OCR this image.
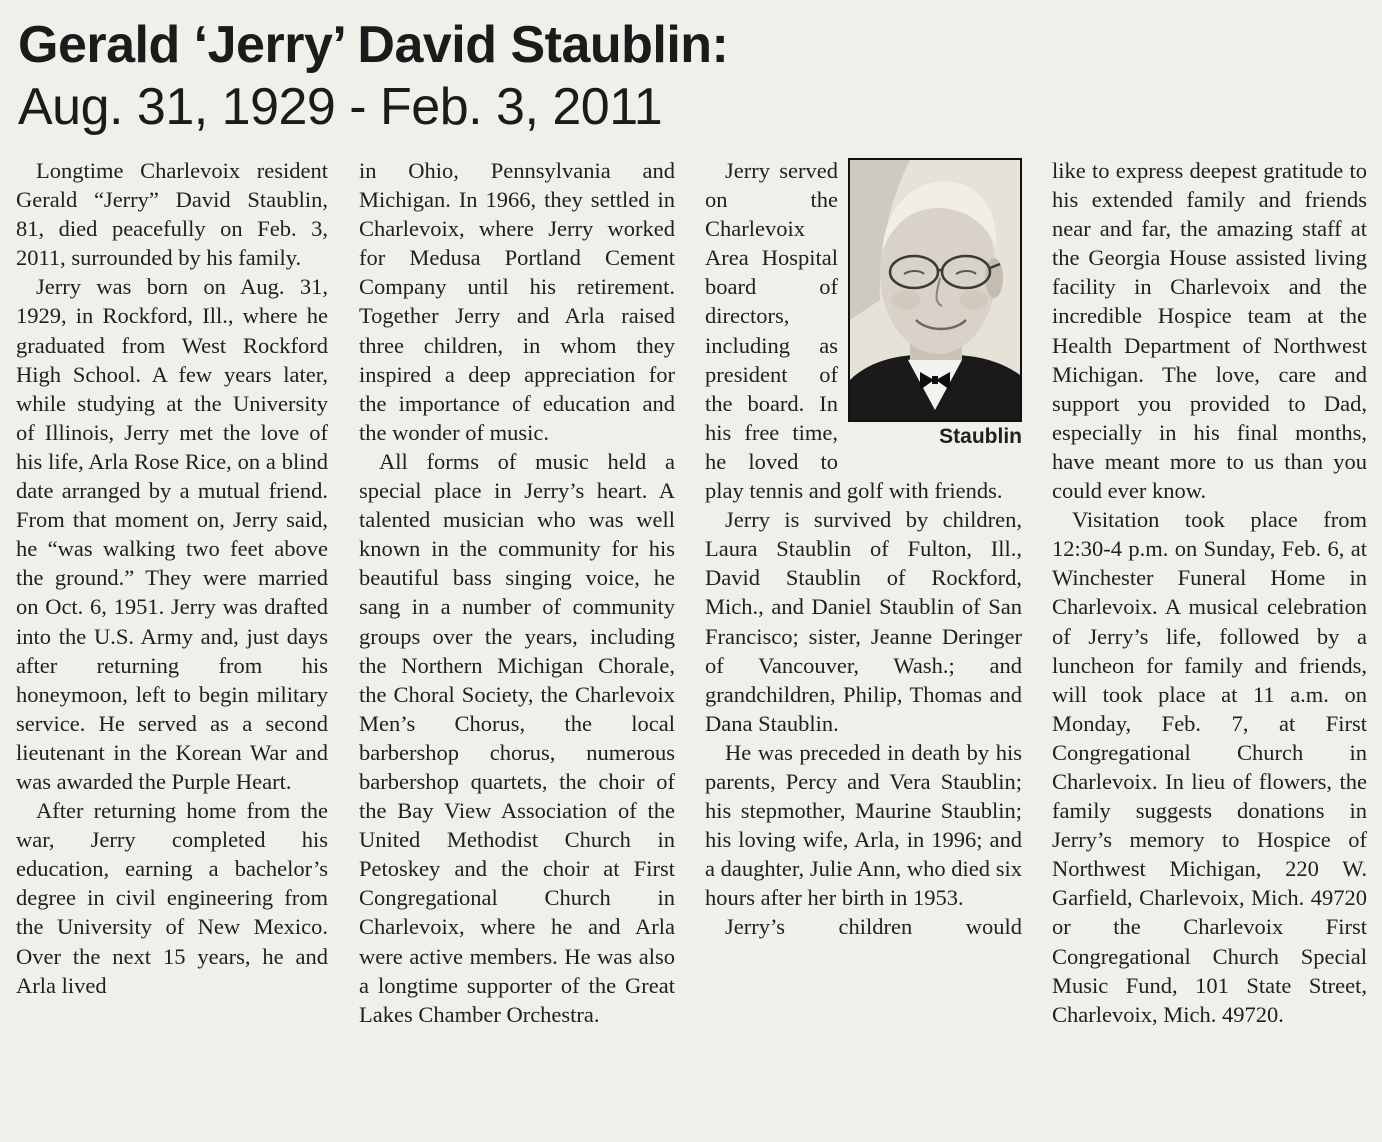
Gerald ‘Jerry’ David Staublin:
Aug. 31, 1929 - Feb. 3, 2011

Longtime Charlevoix resident Gerald “Jerry” David Staublin, 81, died peacefully on Feb. 3, 2011, surrounded by his family.

Jerry was born on Aug. 31, 1929, in Rockford, Ill., where he graduated from West Rockford High School. A few years later, while studying at the University of Illinois, Jerry met the love of his life, Arla Rose Rice, on a blind date arranged by a mutual friend. From that moment on, Jerry said, he “was walking two feet above the ground.” They were married on Oct. 6, 1951. Jerry was drafted into the U.S. Army and, just days after returning from his honeymoon, left to begin military service. He served as a second lieutenant in the Korean War and was awarded the Purple Heart.

After returning home from the war, Jerry completed his education, earning a bachelor’s degree in civil engineering from the University of New Mexico. Over the next 15 years, he and Arla lived

in Ohio, Pennsylvania and Michigan. In 1966, they settled in Charlevoix, where Jerry worked for Medusa Portland Cement Company until his retirement. Together Jerry and Arla raised three children, in whom they inspired a deep appreciation for the importance of education and the wonder of music.

All forms of music held a special place in Jerry’s heart. A talented musician who was well known in the community for his beautiful bass singing voice, he sang in a number of community groups over the years, including the Northern Michigan Chorale, the Choral Society, the Charlevoix Men’s Chorus, the local barbershop chorus, numerous barbershop quartets, the choir of the Bay View Association of the United Methodist Church in Petoskey and the choir at First Congregational Church in Charlevoix, where he and Arla were active members. He was also a longtime supporter of the Great Lakes Chamber Orchestra.

Staublin

Jerry served on the Charlevoix Area Hospital board of directors, including as president of the board. In his free time, he loved to play tennis and golf with friends.

Jerry is survived by children, Laura Staublin of Fulton, Ill., David Staublin of Rockford, Mich., and Daniel Staublin of San Francisco; sister, Jeanne Deringer of Vancouver, Wash.; and grandchildren, Philip, Thomas and Dana Staublin.

He was preceded in death by his parents, Percy and Vera Staublin; his stepmother, Maurine Staublin; his loving wife, Arla, in 1996; and a daughter, Julie Ann, who died six hours after her birth in 1953.

Jerry’s children would

like to express deepest gratitude to his extended family and friends near and far, the amazing staff at the Georgia House assisted living facility in Charlevoix and the incredible Hospice team at the Health Department of Northwest Michigan. The love, care and support you provided to Dad, especially in his final months, have meant more to us than you could ever know.

Visitation took place from 12:30-4 p.m. on Sunday, Feb. 6, at Winchester Funeral Home in Charlevoix. A musical celebration of Jerry’s life, followed by a luncheon for family and friends, will took place at 11 a.m. on Monday, Feb. 7, at First Congregational Church in Charlevoix. In lieu of flowers, the family suggests donations in Jerry’s memory to Hospice of Northwest Michigan, 220 W. Garfield, Charlevoix, Mich. 49720 or the Charlevoix First Congregational Church Special Music Fund, 101 State Street, Charlevoix, Mich. 49720.
